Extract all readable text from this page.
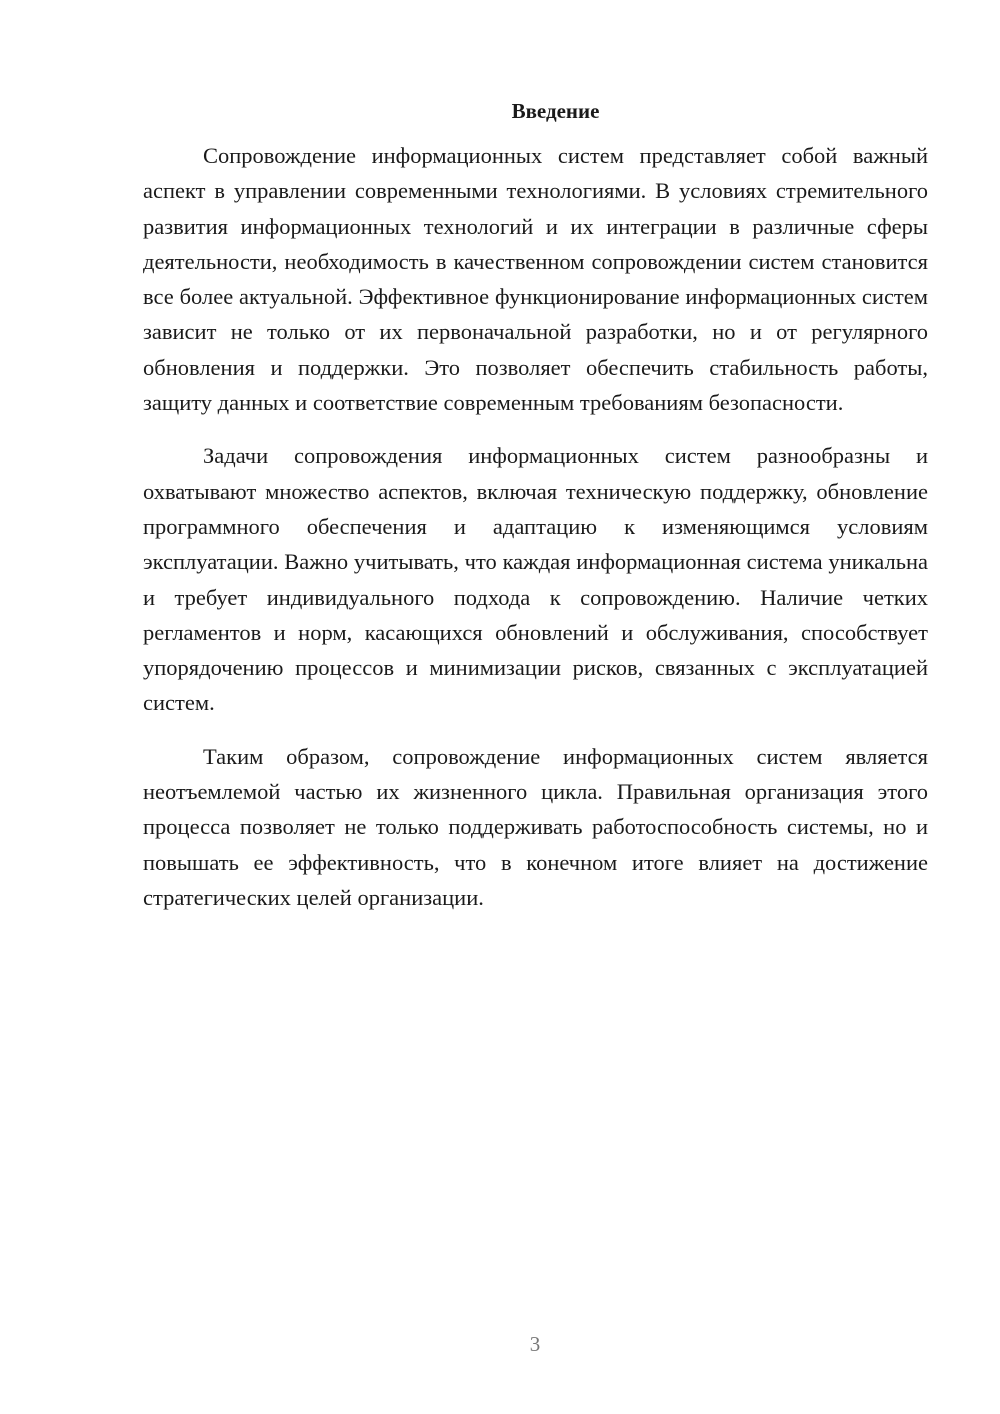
Введение

Сопровождение информационных систем представляет собой важный аспект в управлении современными технологиями. В условиях стремительного развития информационных технологий и их интеграции в различные сферы деятельности, необходимость в качественном сопровождении систем становится все более актуальной. Эффективное функционирование информационных систем зависит не только от их первоначальной разработки, но и от регулярного обновления и поддержки. Это позволяет обеспечить стабильность работы, защиту данных и соответствие современным требованиям безопасности.

Задачи сопровождения информационных систем разнообразны и охватывают множество аспектов, включая техническую поддержку, обновление программного обеспечения и адаптацию к изменяющимся условиям эксплуатации. Важно учитывать, что каждая информационная система уникальна и требует индивидуального подхода к сопровождению. Наличие четких регламентов и норм, касающихся обновлений и обслуживания, способствует упорядочению процессов и минимизации рисков, связанных с эксплуатацией систем.

Таким образом, сопровождение информационных систем является неотъемлемой частью их жизненного цикла. Правильная организация этого процесса позволяет не только поддерживать работоспособность системы, но и повышать ее эффективность, что в конечном итоге влияет на достижение стратегических целей организации.

3
